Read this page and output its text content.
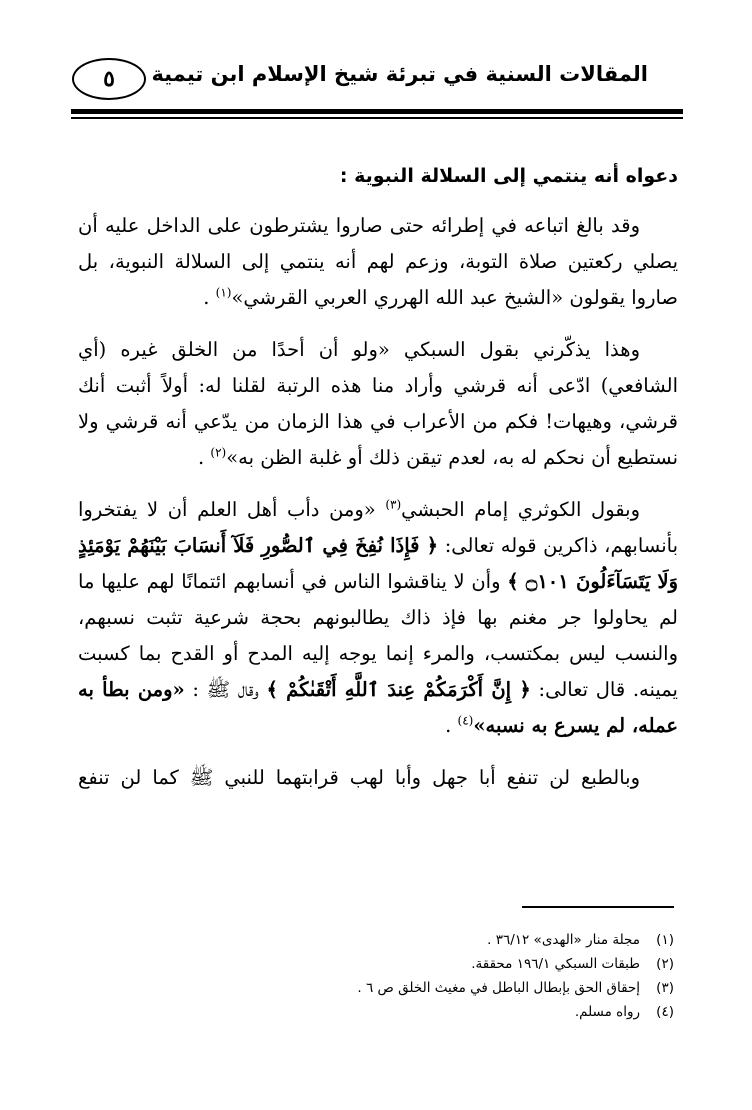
المقالات السنية في تبرئة شيخ الإسلام ابن تيمية
٥
دعواه أنه ينتمي إلى السلالة النبوية :

وقد بالغ اتباعه في إطرائه حتى صاروا يشترطون على الداخل عليه أن يصلي ركعتين صلاة التوبة، وزعم لهم أنه ينتمي إلى السلالة النبوية، بل صاروا يقولون «الشيخ عبد الله الهرري العربي القرشي»$^{(١)}$ .

وهذا يذكّرني بقول السبكي «ولو أن أحدًا من الخلق غيره (أي الشافعي) ادّعى أنه قرشي وأراد منا هذه الرتبة لقلنا له: أولاً أثبت أنك قرشي، وهيهات! فكم من الأعراب في هذا الزمان من يدّعي أنه قرشي ولا نستطيع أن نحكم له به، لعدم تيقن ذلك أو غلبة الظن به»$^{(٢)}$ .

وبقول الكوثري إمام الحبشي$^{(٣)}$ «ومن دأب أهل العلم أن لا يفتخروا بأنسابهم، ذاكرين قوله تعالى: ﴿ فَإِذَا نُفِخَ فِي ٱلصُّورِ فَلَآ أَنسَابَ بَيْنَهُمْ يَوْمَئِذٍ وَلَا يَتَسَآءَلُونَ ۝١٠١ ﴾ وأن لا يناقشوا الناس في أنسابهم ائتمانًا لهم عليها ما لم يحاولوا جر مغنم بها فإذ ذاك يطالبونهم بحجة شرعية تثبت نسبهم، والنسب ليس بمكتسب، والمرء إنما يوجه إليه المدح أو القدح بما كسبت يمينه. قال تعالى: ﴿ إِنَّ أَكْرَمَكُمْ عِندَ ٱللَّهِ أَتْقَىٰكُمْ ﴾ وقال ﷺ : «ومن بطأ به عمله، لم يسرع به نسبه»$^{(٤)}$ .

وبالطبع لن تنفع أبا جهل وأبا لهب قرابتهما للنبي ﷺ كما لن تنفع

(١)مجلة منار «الهدى» ٣٦/١٢ .
(٢)طبقات السبكي ١٩٦/١ محققة.
(٣)إحقاق الحق بإبطال الباطل في مغيث الخلق ص ٦ .
(٤)رواه مسلم.
